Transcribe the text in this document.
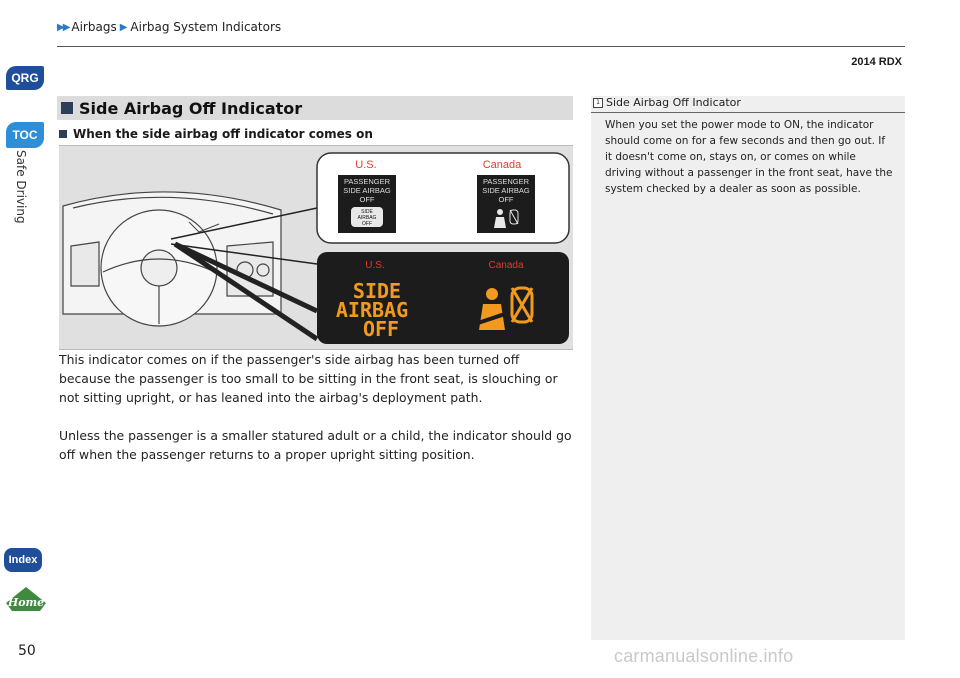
▶▶ Airbags ▶ Airbag System Indicators
2014 RDX
QRG
TOC
Index
Home
Safe Driving
50
Side Airbag Off Indicator
When the side airbag off indicator comes on
U.S.	Canada
PASSENGER
SIDE AIRBAG
OFF
SIDE
AIRBAG
OFF
PASSENGER
SIDE AIRBAG
OFF
U.S.	Canada
SIDE
AIRBAG
OFF
This indicator comes on if the passenger's side airbag has been turned off because the passenger is too small to be sitting in the front seat, is slouching or not sitting upright, or has leaned into the airbag's deployment path.
Unless the passenger is a smaller statured adult or a child, the indicator should go off when the passenger returns to a proper upright sitting position.
1 Side Airbag Off Indicator
When you set the power mode to ON, the indicator should come on for a few seconds and then go out. If it doesn't come on, stays on, or comes on while driving without a passenger in the front seat, have the system checked by a dealer as soon as possible.
carmanualsonline.info
